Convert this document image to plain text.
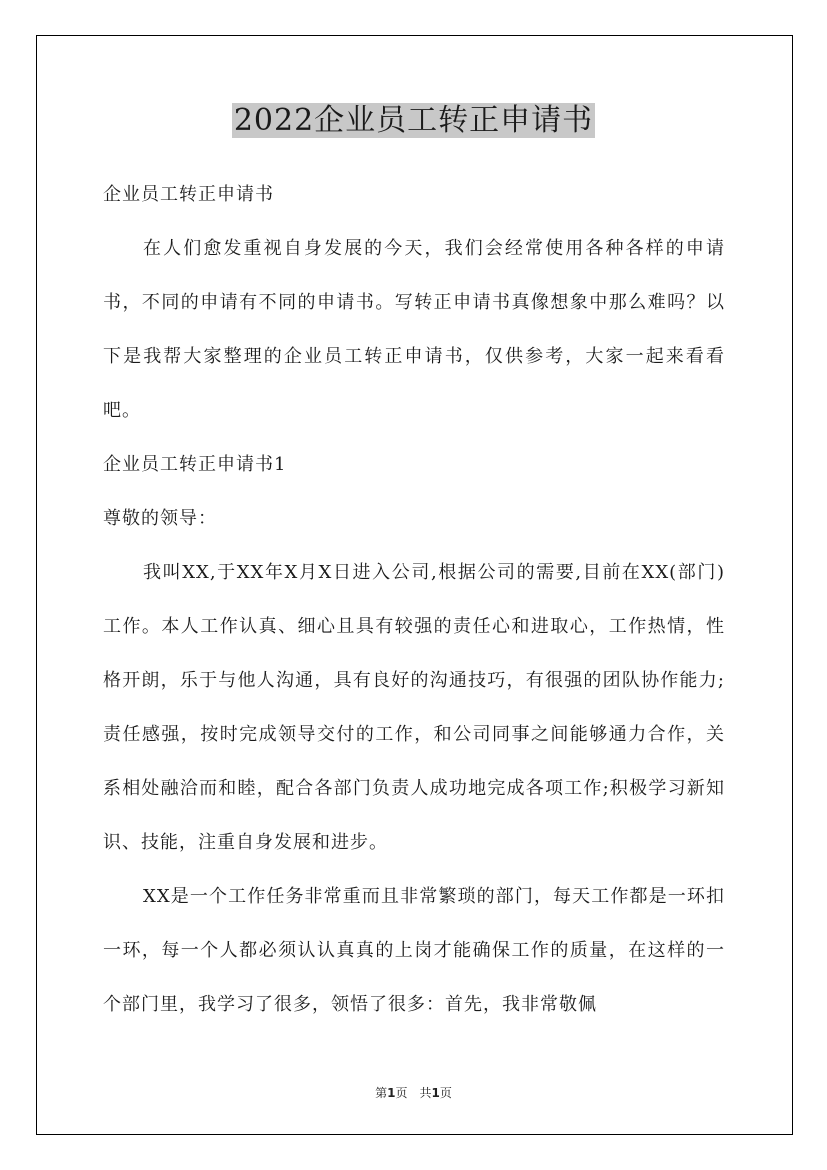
2022企业员工转正申请书

企业员工转正申请书

在人们愈发重视自身发展的今天，我们会经常使用各种各样的申请书，不同的申请有不同的申请书。写转正申请书真像想象中那么难吗？以下是我帮大家整理的企业员工转正申请书，仅供参考，大家一起来看看吧。

企业员工转正申请书1

尊敬的领导：

我叫XX,于XX年X月X日进入公司,根据公司的需要,目前在XX(部门)工作。本人工作认真、细心且具有较强的责任心和进取心，工作热情，性格开朗，乐于与他人沟通，具有良好的沟通技巧，有很强的团队协作能力;责任感强，按时完成领导交付的工作，和公司同事之间能够通力合作，关系相处融洽而和睦，配合各部门负责人成功地完成各项工作;积极学习新知识、技能，注重自身发展和进步。

XX是一个工作任务非常重而且非常繁琐的部门，每天工作都是一环扣一环，每一个人都必须认认真真的上岗才能确保工作的质量，在这样的一个部门里，我学习了很多，领悟了很多：首先，我非常敬佩

第1页　共1页
